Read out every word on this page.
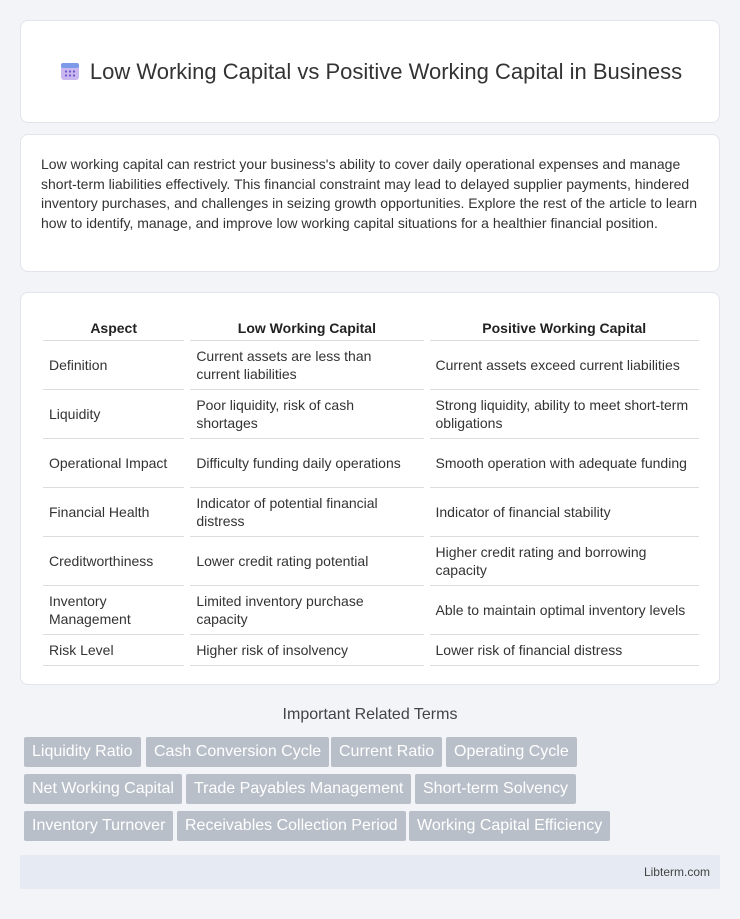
Low Working Capital vs Positive Working Capital in Business

Low working capital can restrict your business's ability to cover daily operational expenses and manage short-term liabilities effectively. This financial constraint may lead to delayed supplier payments, hindered inventory purchases, and challenges in seizing growth opportunities. Explore the rest of the article to learn how to identify, manage, and improve low working capital situations for a healthier financial position.

Aspect	Low Working Capital	Positive Working Capital
Definition	Current assets are less than current liabilities	Current assets exceed current liabilities
Liquidity	Poor liquidity, risk of cash shortages	Strong liquidity, ability to meet short-term obligations
Operational Impact	Difficulty funding daily operations	Smooth operation with adequate funding
Financial Health	Indicator of potential financial distress	Indicator of financial stability
Creditworthiness	Lower credit rating potential	Higher credit rating and borrowing capacity
Inventory Management	Limited inventory purchase capacity	Able to maintain optimal inventory levels
Risk Level	Higher risk of insolvency	Lower risk of financial distress
Important Related Terms
Liquidity Ratio	Cash Conversion Cycle	Current Ratio	Operating Cycle
Net Working Capital	Trade Payables Management	Short-term Solvency
Inventory Turnover	Receivables Collection Period	Working Capital Efficiency
Libterm.com
